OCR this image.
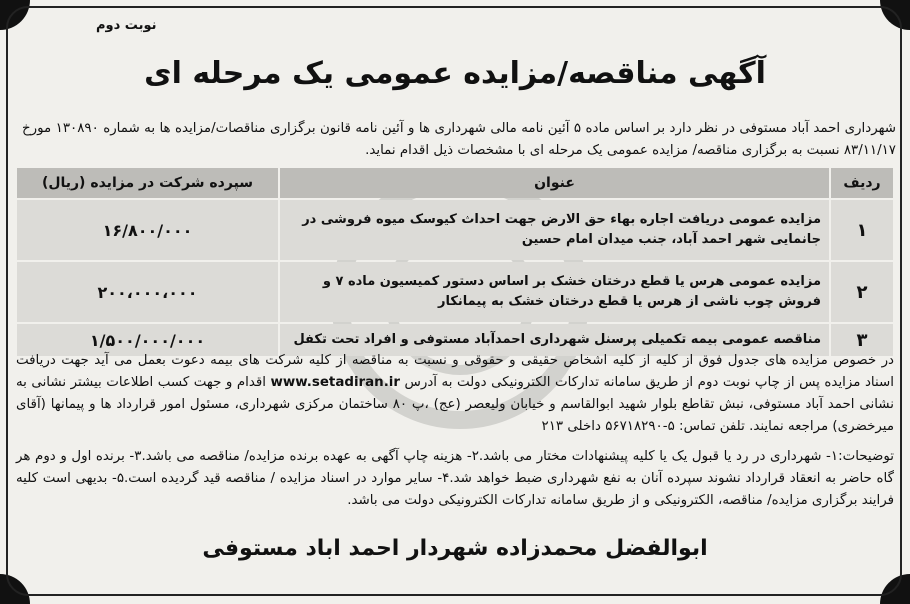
نوبت دوم
آگهی مناقصه/مزایده عمومی یک مرحله ای
شهرداری احمد آباد مستوفی در نظر دارد بر اساس ماده ۵ آئین نامه مالی شهرداری ها و آئین نامه قانون برگزاری مناقصات/مزایده ها به شماره ۱۳۰۸۹۰ مورخ ۸۳/۱۱/۱۷ نسبت به برگزاری مناقصه/ مزایده عمومی یک مرحله ای با مشخصات ذیل اقدام نماید.
ردیف	عنوان	سپرده شرکت در مزایده (ریال)
۱	مزایده عمومی دریافت اجاره بهاء حق الارض جهت احداث کیوسک میوه فروشی در جانمایی شهر احمد آباد، جنب میدان امام حسین	۱۶/۸۰۰/۰۰۰
۲	مزایده عمومی هرس یا قطع درختان خشک بر اساس دستور کمیسیون ماده ۷ و فروش چوب ناشی از هرس یا قطع درختان خشک به پیمانکار	۲۰۰،۰۰۰،۰۰۰
۳	مناقصه عمومی بیمه تکمیلی پرسنل شهرداری احمدآباد مستوفی و افراد تحت تکفل	۱/۵۰۰/۰۰۰/۰۰۰
در خصوص مزایده های جدول فوق از کلیه از کلیه اشخاص حقیقی و حقوقی و نسبت به مناقصه از کلیه شرکت های بیمه دعوت بعمل می آید جهت دریافت اسناد مزایده پس از چاپ نوبت دوم از طریق سامانه تدارکات الکترونیکی دولت به آدرس www.setadiran.ir اقدام و جهت کسب اطلاعات بیشتر نشانی به نشانی احمد آباد مستوفی، نبش تقاطع بلوار شهید ابوالقاسم و خیابان ولیعصر (عج) ،پ ۸۰ ساختمان مرکزی شهرداری، مسئول امور قرارداد ها و پیمانها (آقای میرخضری) مراجعه نمایند. تلفن تماس: ۵-۵۶۷۱۸۲۹۰ داخلی ۲۱۳
توضیحات:۱- شهرداری در رد یا قبول یک یا کلیه پیشنهادات مختار می باشد.۲- هزینه چاپ آگهی به عهده برنده مزایده/ مناقصه می باشد.۳- برنده اول و دوم هر گاه حاضر به انعقاد قرارداد نشوند سپرده آنان به نفع شهرداری ضبط خواهد شد.۴- سایر موارد در اسناد مزایده / مناقصه قید گردیده است.۵- بدیهی است کلیه فرایند برگزاری مزایده/ مناقصه، الکترونیکی و از طریق سامانه تدارکات الکترونیکی دولت می باشد.
ابوالفضل محمدزاده شهردار احمد اباد مستوفی
